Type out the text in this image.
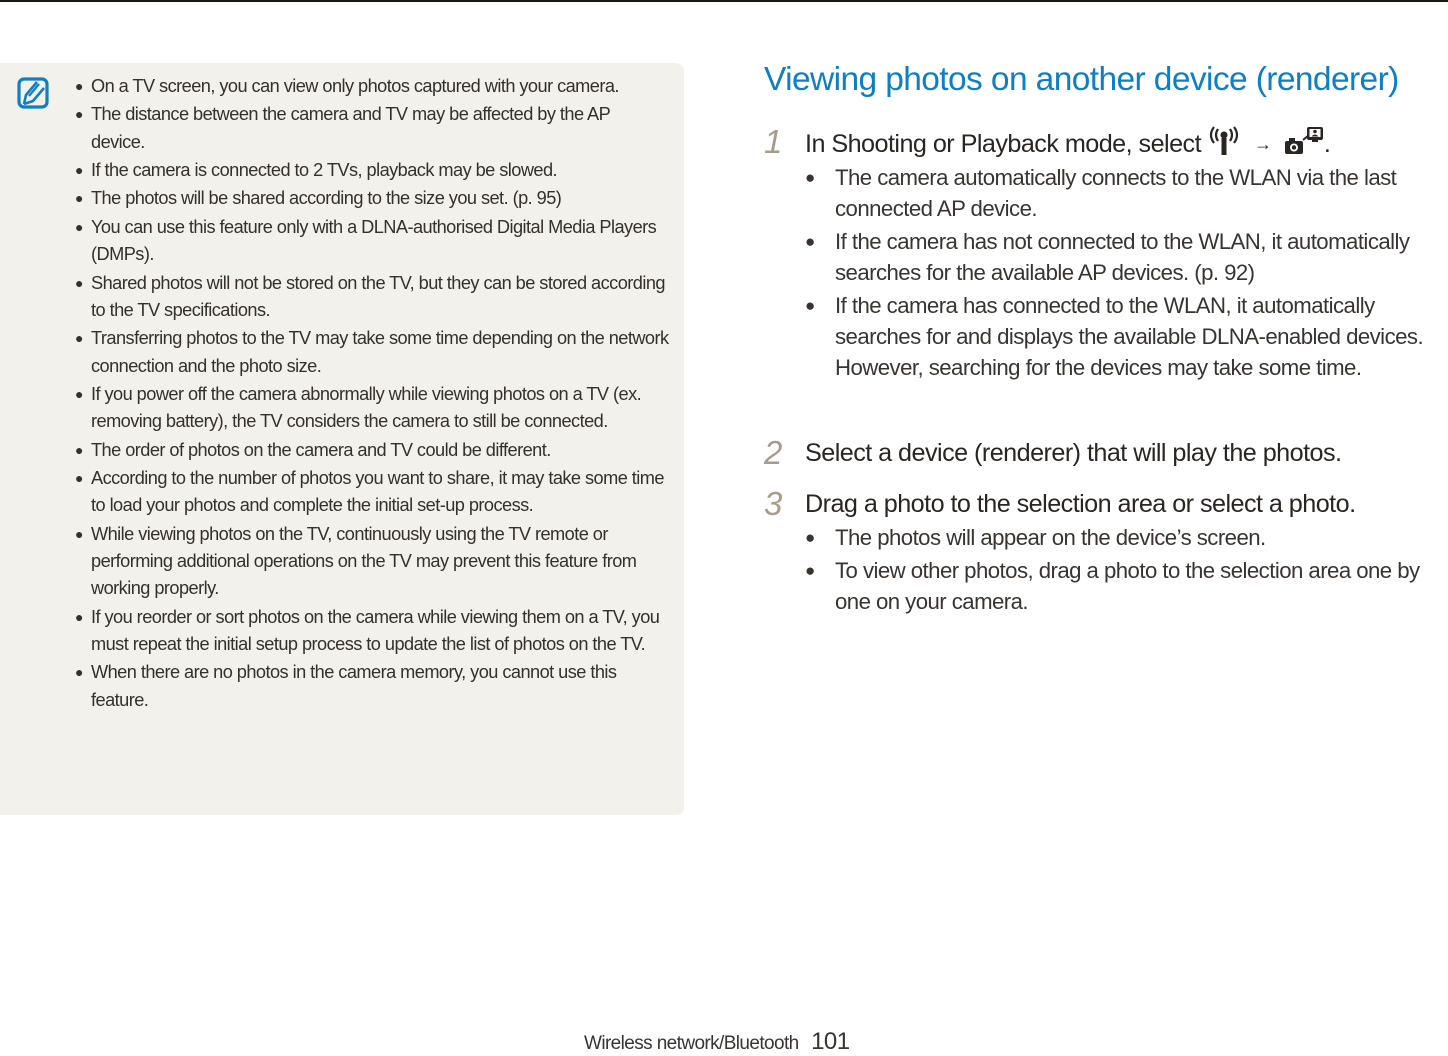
● On a TV screen, you can view only photos captured with your camera.
● The distance between the camera and TV may be affected by the AP device.
● If the camera is connected to 2 TVs, playback may be slowed.
● The photos will be shared according to the size you set. (p. 95)
● You can use this feature only with a DLNA-authorised Digital Media Players (DMPs).
● Shared photos will not be stored on the TV, but they can be stored according to the TV specifications.
● Transferring photos to the TV may take some time depending on the network connection and the photo size.
● If you power off the camera abnormally while viewing photos on a TV (ex. removing battery), the TV considers the camera to still be connected.
● The order of photos on the camera and TV could be different.
● According to the number of photos you want to share, it may take some time to load your photos and complete the initial set-up process.
● While viewing photos on the TV, continuously using the TV remote or performing additional operations on the TV may prevent this feature from working properly.
● If you reorder or sort photos on the camera while viewing them on a TV, you must repeat the initial setup process to update the list of photos on the TV.
● When there are no photos in the camera memory, you cannot use this feature.
Viewing photos on another device (renderer)
1 In Shooting or Playback mode, select	→ .
● The camera automatically connects to the WLAN via the last connected AP device.
● If the camera has not connected to the WLAN, it automatically searches for the available AP devices. (p. 92)
● If the camera has connected to the WLAN, it automatically searches for and displays the available DLNA-enabled devices. However, searching for the devices may take some time.
2 Select a device (renderer) that will play the photos.
3 Drag a photo to the selection area or select a photo.
● The photos will appear on the device’s screen.
● To view other photos, drag a photo to the selection area one by one on your camera.
Wireless network/Bluetooth 101
